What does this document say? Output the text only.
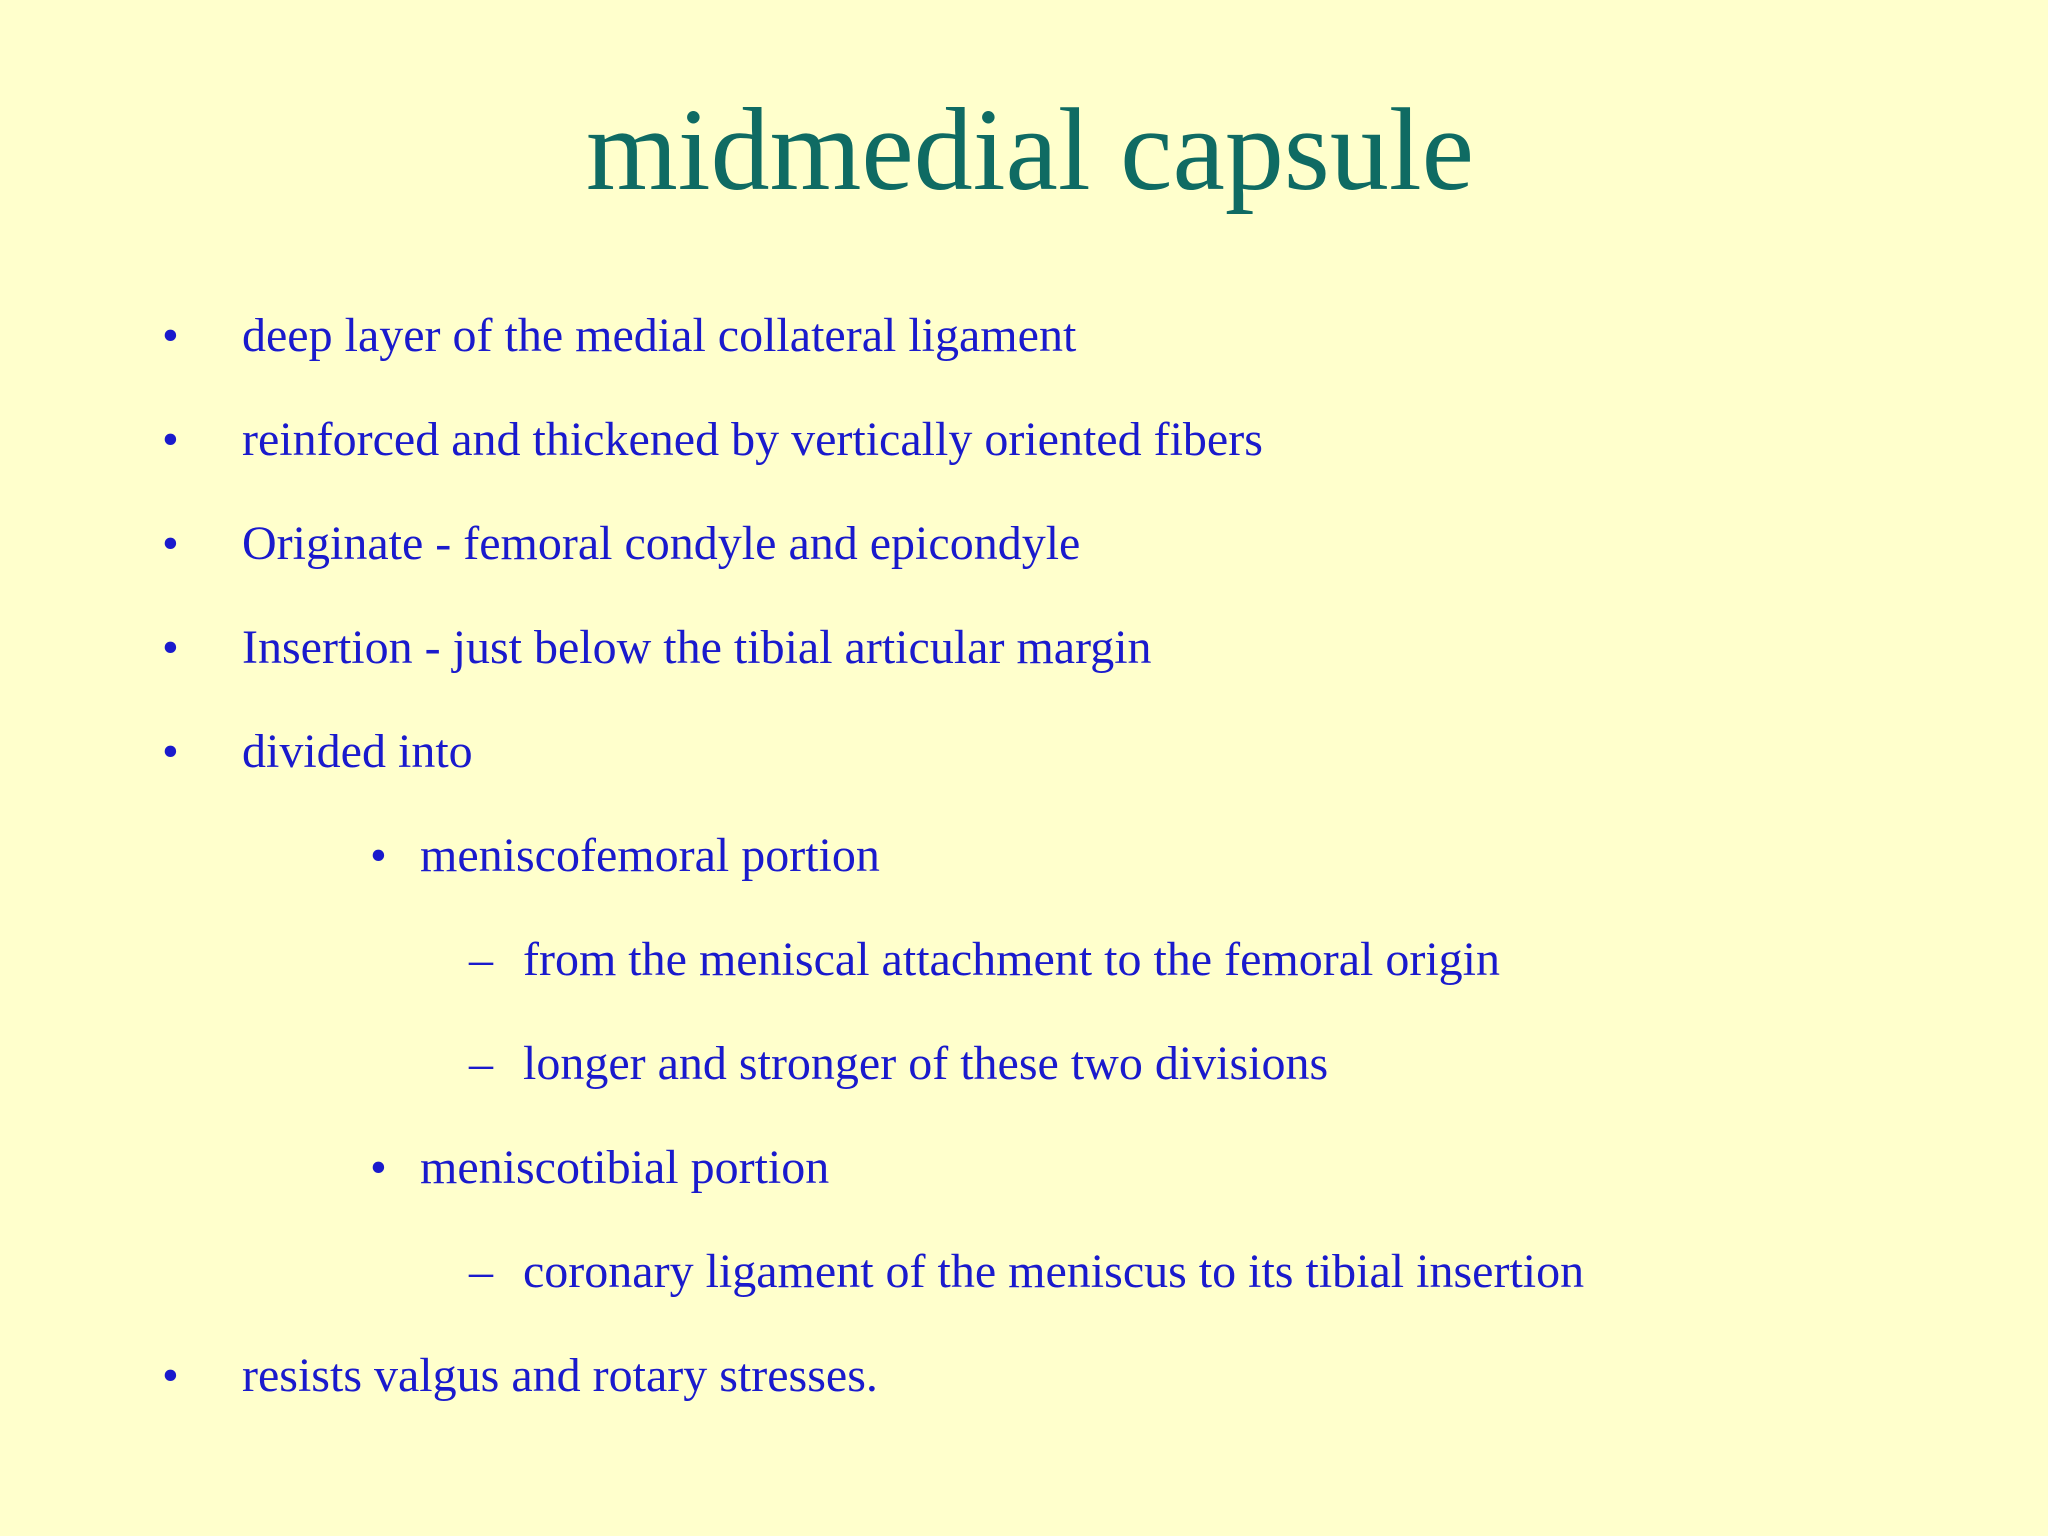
midmedial capsule
• deep layer of the medial collateral ligament
• reinforced and thickened by vertically oriented fibers
• Originate - femoral condyle and epicondyle
• Insertion - just below the tibial articular margin
• divided into
• meniscofemoral portion
– from the meniscal attachment to the femoral origin
– longer and stronger of these two divisions
• meniscotibial portion
– coronary ligament of the meniscus to its tibial insertion
• resists valgus and rotary stresses.
